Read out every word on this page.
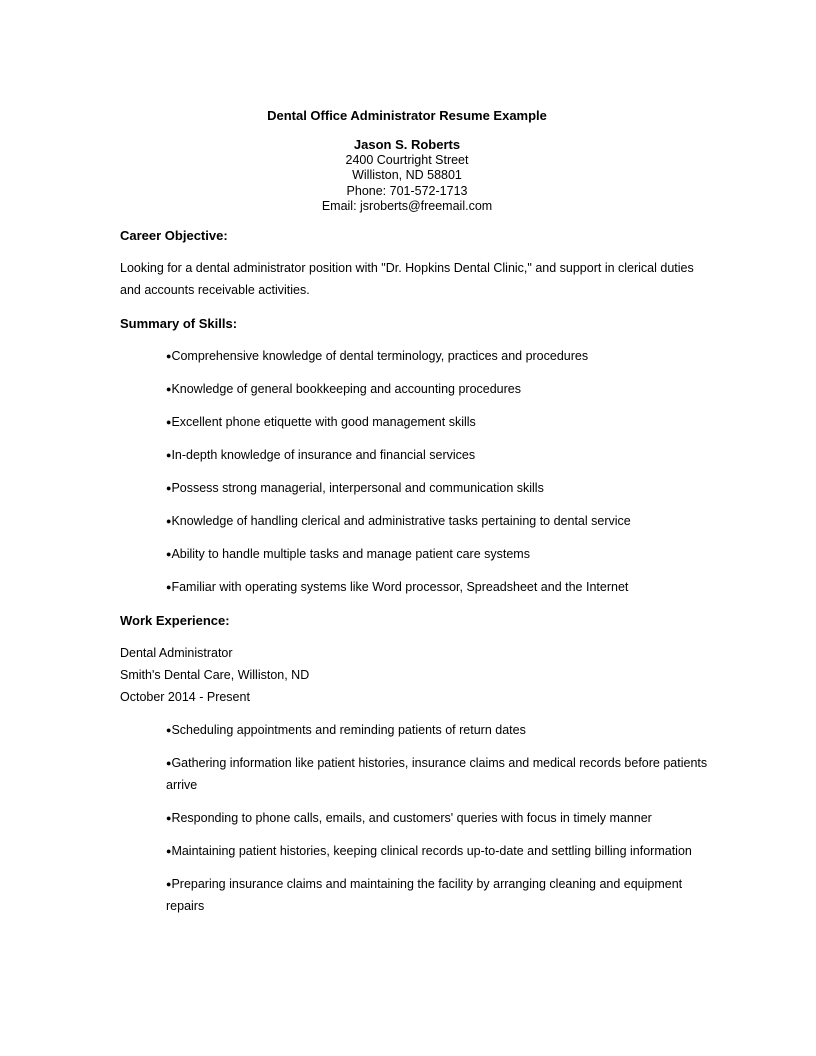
Dental Office Administrator Resume Example
Jason S. Roberts
2400 Courtright Street
Williston, ND 58801
Phone: 701-572-1713
Email: jsroberts@freemail.com
Career Objective:
Looking for a dental administrator position with "Dr. Hopkins Dental Clinic," and support in clerical duties and accounts receivable activities.
Summary of Skills:
●Comprehensive knowledge of dental terminology, practices and procedures
●Knowledge of general bookkeeping and accounting procedures
●Excellent phone etiquette with good management skills
●In-depth knowledge of insurance and financial services
●Possess strong managerial, interpersonal and communication skills
●Knowledge of handling clerical and administrative tasks pertaining to dental service
●Ability to handle multiple tasks and manage patient care systems
●Familiar with operating systems like Word processor, Spreadsheet and the Internet
Work Experience:
Dental Administrator
Smith's Dental Care, Williston, ND
October 2014 - Present
●Scheduling appointments and reminding patients of return dates
●Gathering information like patient histories, insurance claims and medical records before patients arrive
●Responding to phone calls, emails, and customers' queries with focus in timely manner
●Maintaining patient histories, keeping clinical records up-to-date and settling billing information
●Preparing insurance claims and maintaining the facility by arranging cleaning and equipment repairs
